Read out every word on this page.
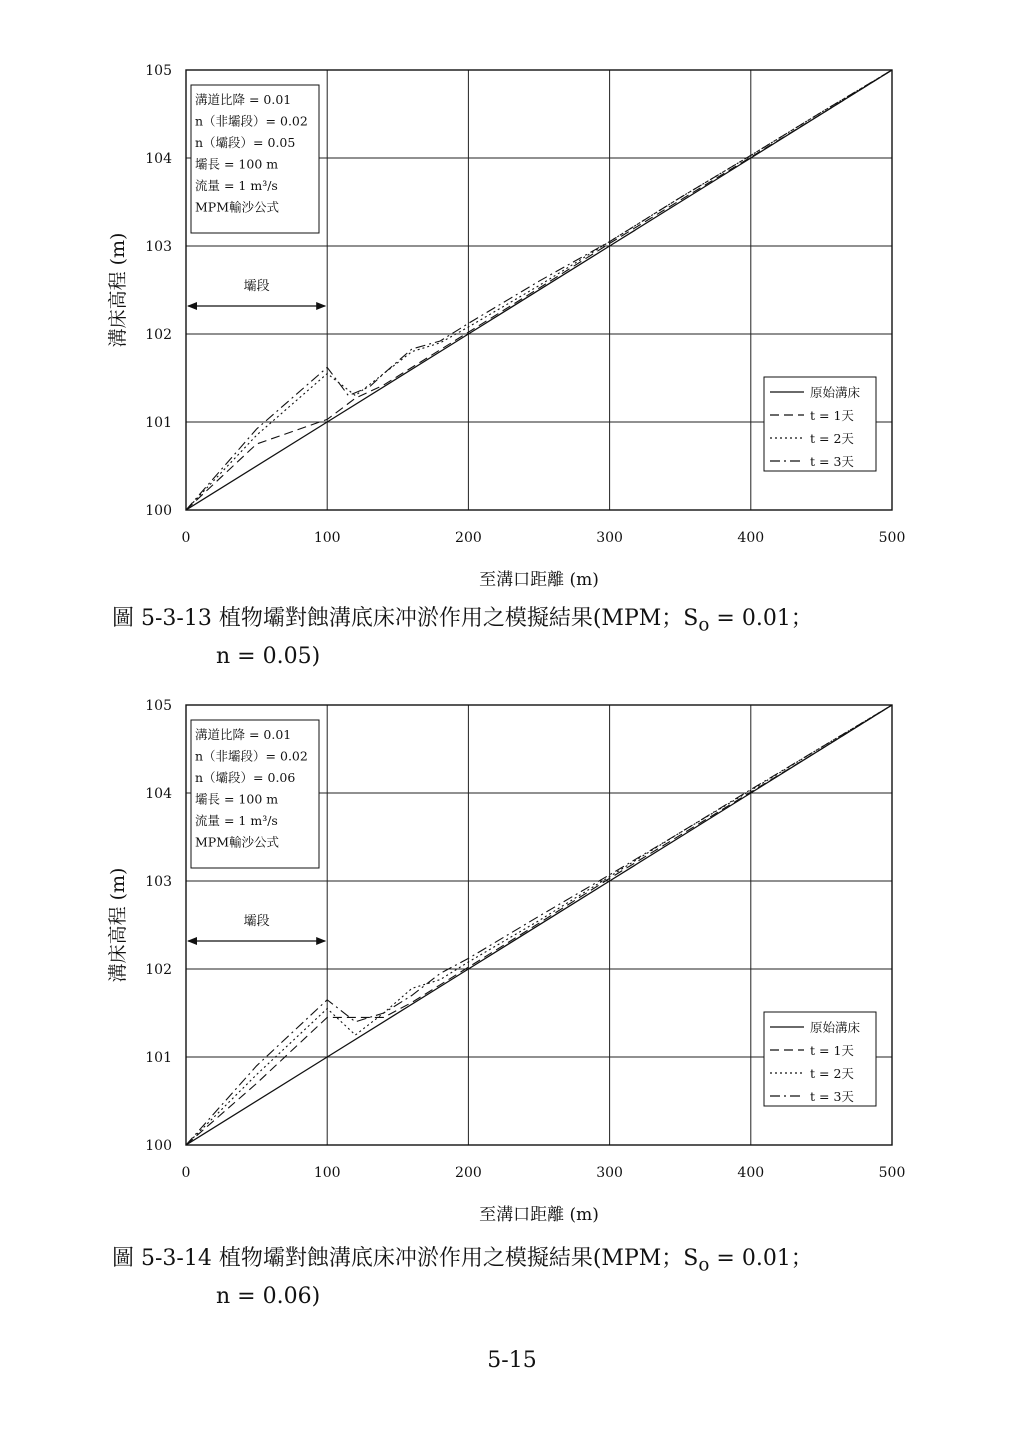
0	100	200	300	400	500
100
101
102
103
104
105
至溝口距離 (m)
溝床高程 (m)
溝道比降 = 0.01
n（非壩段）= 0.02
n（壩段）= 0.05
壩長 = 100 m
流量 = 1 m³/s
MPM輸沙公式
壩段
原始溝床
t = 1天
t = 2天
t = 3天
圖 5-3-13 植物壩對蝕溝底床冲淤作用之模擬結果(MPM；$S_o = 0.01$；
n = 0.05)
0	100	200	300	400	500
100
101
102
103
104
105
至溝口距離 (m)
溝床高程 (m)
溝道比降 = 0.01
n（非壩段）= 0.02
n（壩段）= 0.06
壩長 = 100 m
流量 = 1 m³/s
MPM輸沙公式
壩段
原始溝床
t = 1天
t = 2天
t = 3天
圖 5-3-14 植物壩對蝕溝底床冲淤作用之模擬結果(MPM；$S_o = 0.01$；
n = 0.06)
5-15
